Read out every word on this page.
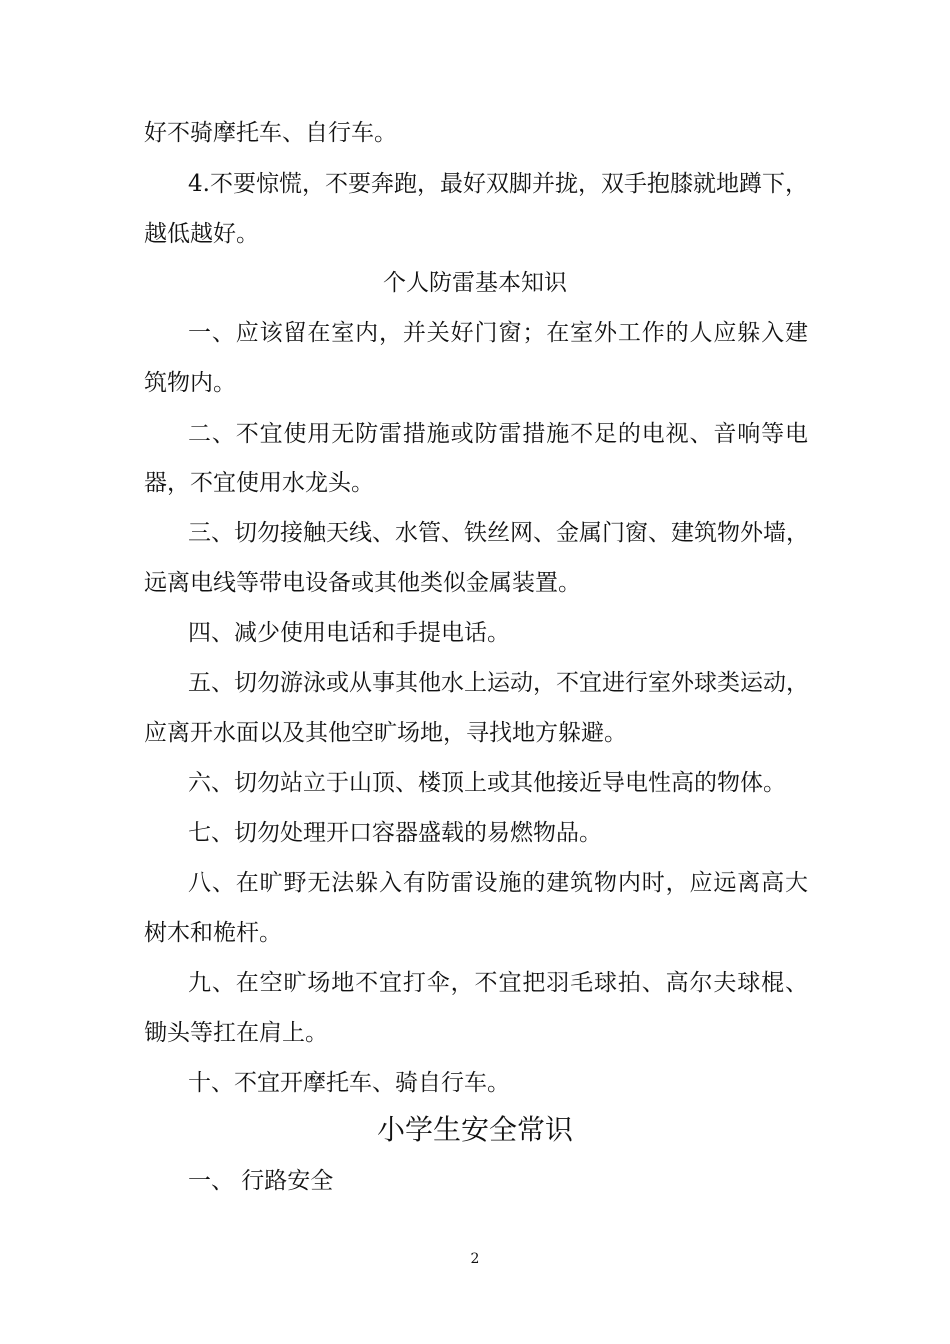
好不骑摩托车、自行车。
4.不要惊慌，不要奔跑，最好双脚并拢，双手抱膝就地蹲下，
越低越好。
个人防雷基本知识
一、应该留在室内，并关好门窗；在室外工作的人应躲入建
筑物内。
二、不宜使用无防雷措施或防雷措施不足的电视、音响等电
器，不宜使用水龙头。
三、切勿接触天线、水管、铁丝网、金属门窗、建筑物外墙，
远离电线等带电设备或其他类似金属装置。
四、减少使用电话和手提电话。
五、切勿游泳或从事其他水上运动，不宜进行室外球类运动，
应离开水面以及其他空旷场地，寻找地方躲避。
六、切勿站立于山顶、楼顶上或其他接近导电性高的物体。
七、切勿处理开口容器盛载的易燃物品。
八、在旷野无法躲入有防雷设施的建筑物内时，应远离高大
树木和桅杆。
九、在空旷场地不宜打伞，不宜把羽毛球拍、高尔夫球棍、
锄头等扛在肩上。
十、不宜开摩托车、骑自行车。
小学生安全常识
一、 行路安全
2
